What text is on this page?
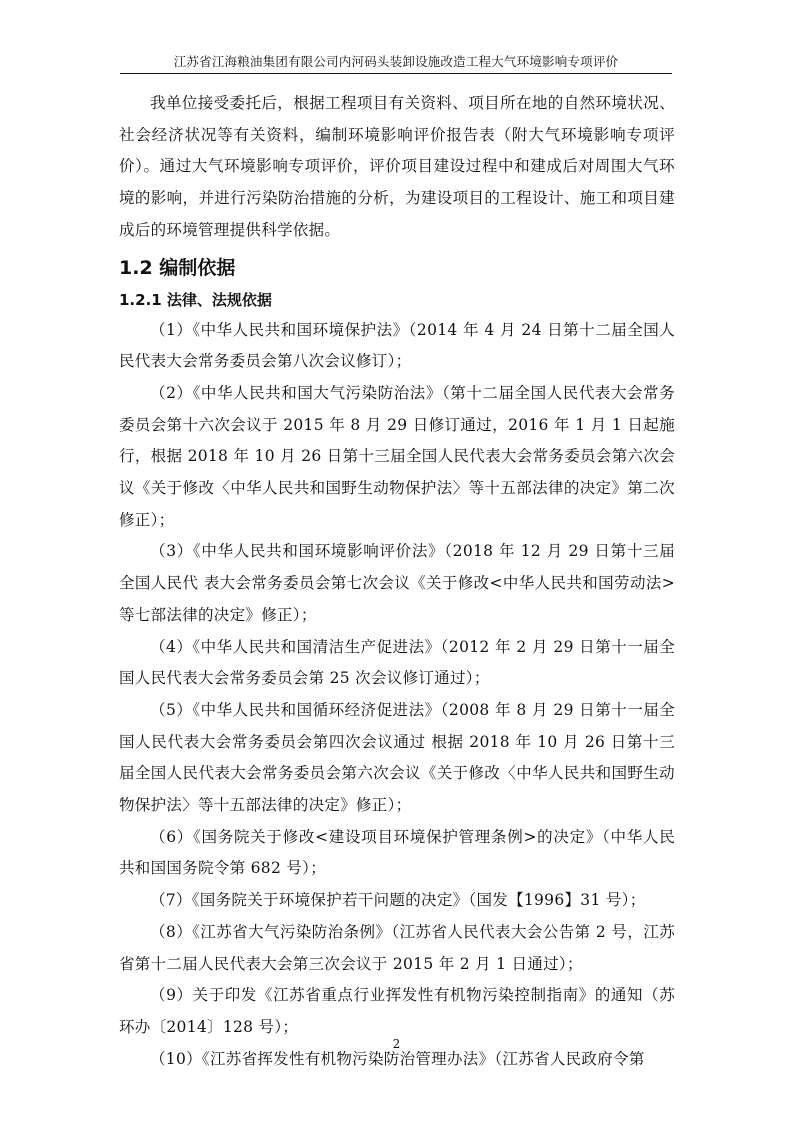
江苏省江海粮油集团有限公司内河码头装卸设施改造工程大气环境影响专项评价

我单位接受委托后，根据工程项目有关资料、项目所在地的自然环境状况、社会经济状况等有关资料，编制环境影响评价报告表（附大气环境影响专项评价）。通过大气环境影响专项评价，评价项目建设过程中和建成后对周围大气环境的影响，并进行污染防治措施的分析，为建设项目的工程设计、施工和项目建成后的环境管理提供科学依据。

1.2 编制依据
1.2.1 法律、法规依据

（1）《中华人民共和国环境保护法》（2014 年 4 月 24 日第十二届全国人民代表大会常务委员会第八次会议修订）；

（2）《中华人民共和国大气污染防治法》（第十二届全国人民代表大会常务委员会第十六次会议于 2015 年 8 月 29 日修订通过，2016 年 1 月 1 日起施行，根据 2018 年 10 月 26 日第十三届全国人民代表大会常务委员会第六次会议《关于修改〈中华人民共和国野生动物保护法〉等十五部法律的决定》第二次修正）；

（3）《中华人民共和国环境影响评价法》（2018 年 12 月 29 日第十三届全国人民代 表大会常务委员会第七次会议《关于修改<中华人民共和国劳动法>等七部法律的决定》修正）；

（4）《中华人民共和国清洁生产促进法》（2012 年 2 月 29 日第十一届全国人民代表大会常务委员会第 25 次会议修订通过）；

（5）《中华人民共和国循环经济促进法》（2008 年 8 月 29 日第十一届全国人民代表大会常务委员会第四次会议通过 根据 2018 年 10 月 26 日第十三届全国人民代表大会常务委员会第六次会议《关于修改〈中华人民共和国野生动物保护法〉等十五部法律的决定》修正）；

（6）《国务院关于修改<建设项目环境保护管理条例>的决定》（中华人民共和国国务院令第 682 号）；

（7）《国务院关于环境保护若干问题的决定》（国发【1996】31 号）；

（8）《江苏省大气污染防治条例》（江苏省人民代表大会公告第 2 号，江苏省第十二届人民代表大会第三次会议于 2015 年 2 月 1 日通过）；

（9）关于印发《江苏省重点行业挥发性有机物污染控制指南》的通知（苏环办〔2014〕128 号）；

（10）《江苏省挥发性有机物污染防治管理办法》（江苏省人民政府令第

2
